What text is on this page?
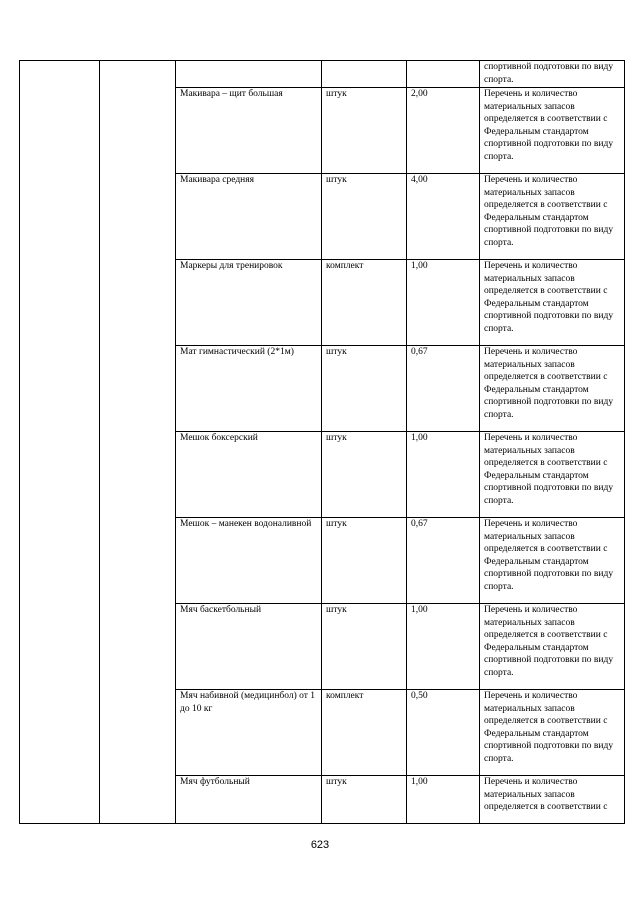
					спортивной подготовки по виду спорта.
		Макивара – щит большая	штук	2,00	Перечень и количество материальных запасов определяется в соответствии с Федеральным стандартом спортивной подготовки по виду спорта.
		Макивара средняя	штук	4,00	Перечень и количество материальных запасов определяется в соответствии с Федеральным стандартом спортивной подготовки по виду спорта.
		Маркеры для тренировок	комплект	1,00	Перечень и количество материальных запасов определяется в соответствии с Федеральным стандартом спортивной подготовки по виду спорта.
		Мат гимнастический (2*1м)	штук	0,67	Перечень и количество материальных запасов определяется в соответствии с Федеральным стандартом спортивной подготовки по виду спорта.
		Мешок боксерский	штук	1,00	Перечень и количество материальных запасов определяется в соответствии с Федеральным стандартом спортивной подготовки по виду спорта.
		Мешок – манекен водоналивной	штук	0,67	Перечень и количество материальных запасов определяется в соответствии с Федеральным стандартом спортивной подготовки по виду спорта.
		Мяч баскетбольный	штук	1,00	Перечень и количество материальных запасов определяется в соответствии с Федеральным стандартом спортивной подготовки по виду спорта.
		Мяч набивной (медицинбол) от 1 до 10 кг	комплект	0,50	Перечень и количество материальных запасов определяется в соответствии с Федеральным стандартом спортивной подготовки по виду спорта.
		Мяч футбольный	штук	1,00	Перечень и количество материальных запасов определяется в соответствии с
623
